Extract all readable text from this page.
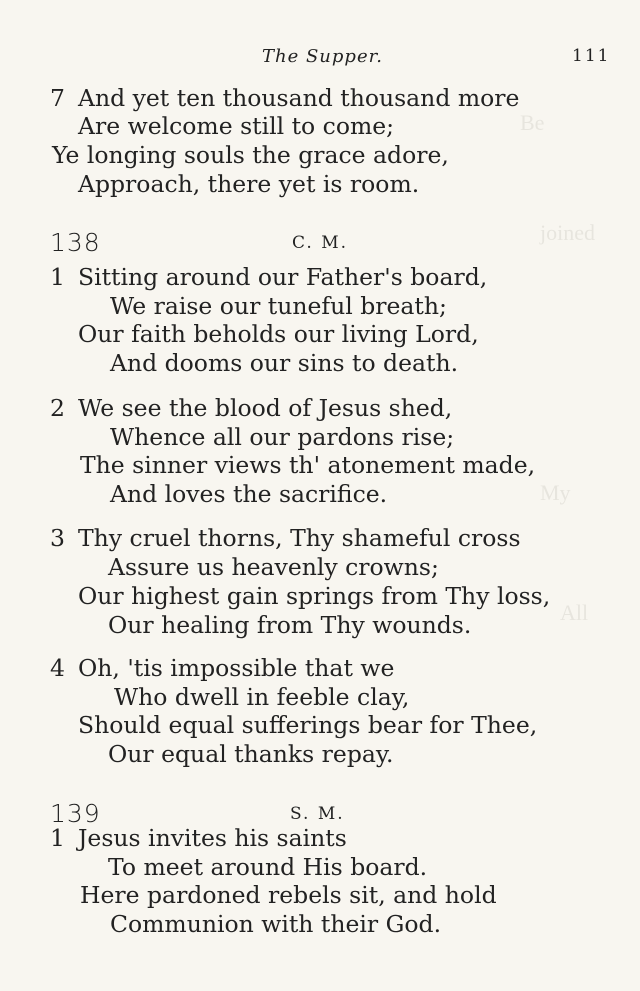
Be
joined
My
All
The Supper.	111
7 And yet ten thousand thousand more
Are welcome still to come;
Ye longing souls the grace adore,
Approach, there yet is room.
138	C. M.
1 Sitting around our Father's board,
We raise our tuneful breath;
Our faith beholds our living Lord,
And dooms our sins to death.
2 We see the blood of Jesus shed,
Whence all our pardons rise;
The sinner views th' atonement made,
And loves the sacrifice.
3 Thy cruel thorns, Thy shameful cross
Assure us heavenly crowns;
Our highest gain springs from Thy loss,
Our healing from Thy wounds.
4 Oh, 'tis impossible that we
Who dwell in feeble clay,
Should equal sufferings bear for Thee,
Our equal thanks repay.
139	S. M.
1 Jesus invites his saints
To meet around His board.
Here pardoned rebels sit, and hold
Communion with their God.
